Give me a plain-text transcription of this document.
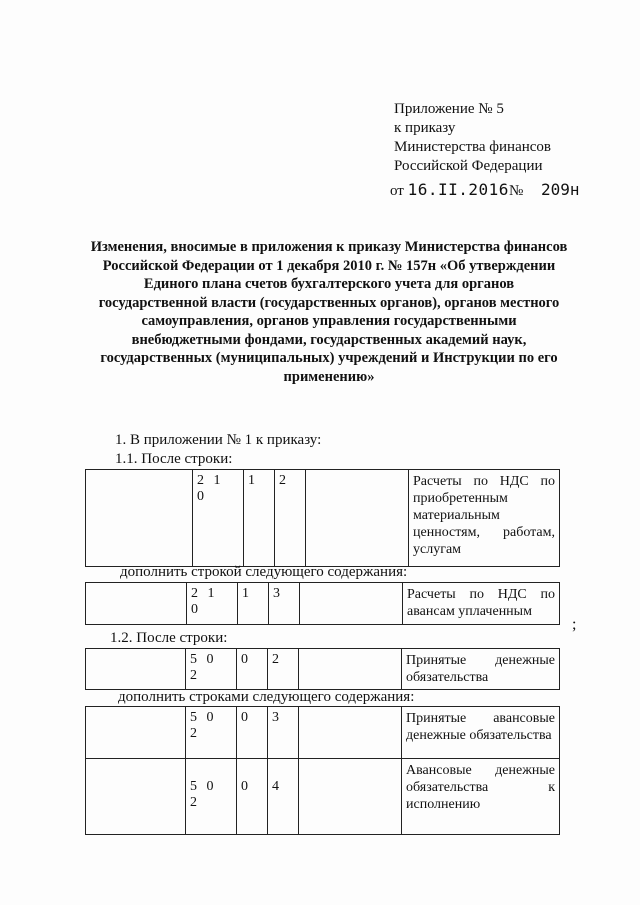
Приложение № 5
к приказу
Министерства финансов
Российской Федерации
от 16.II.2016№ 209н
Изменения, вносимые в приложения к приказу Министерства финансов Российской Федерации от 1 декабря 2010 г. № 157н «Об утверждении Единого плана счетов бухгалтерского учета для органов государственной власти (государственных органов), органов местного самоуправления, органов управления государственными внебюджетными фондами, государственных академий наук, государственных (муниципальных) учреждений и Инструкции по его применению»
1. В приложении № 1 к приказу:
1.1. После строки:
	2 1 0	1	2		Расчеты по НДС по приобретенным материальным ценностям, работам, услугам
дополнить строкой следующего содержания:
	2 1 0	1	3		Расчеты по НДС по авансам уплаченным
;
1.2. После строки:
	5 0 2	0	2		Принятые денежные обязательства
дополнить строками следующего содержания:
	5 0 2	0	3		Принятые авансовые денежные обязательства
	5 0 2	0	4		Авансовые денежные обязательства к исполнению
